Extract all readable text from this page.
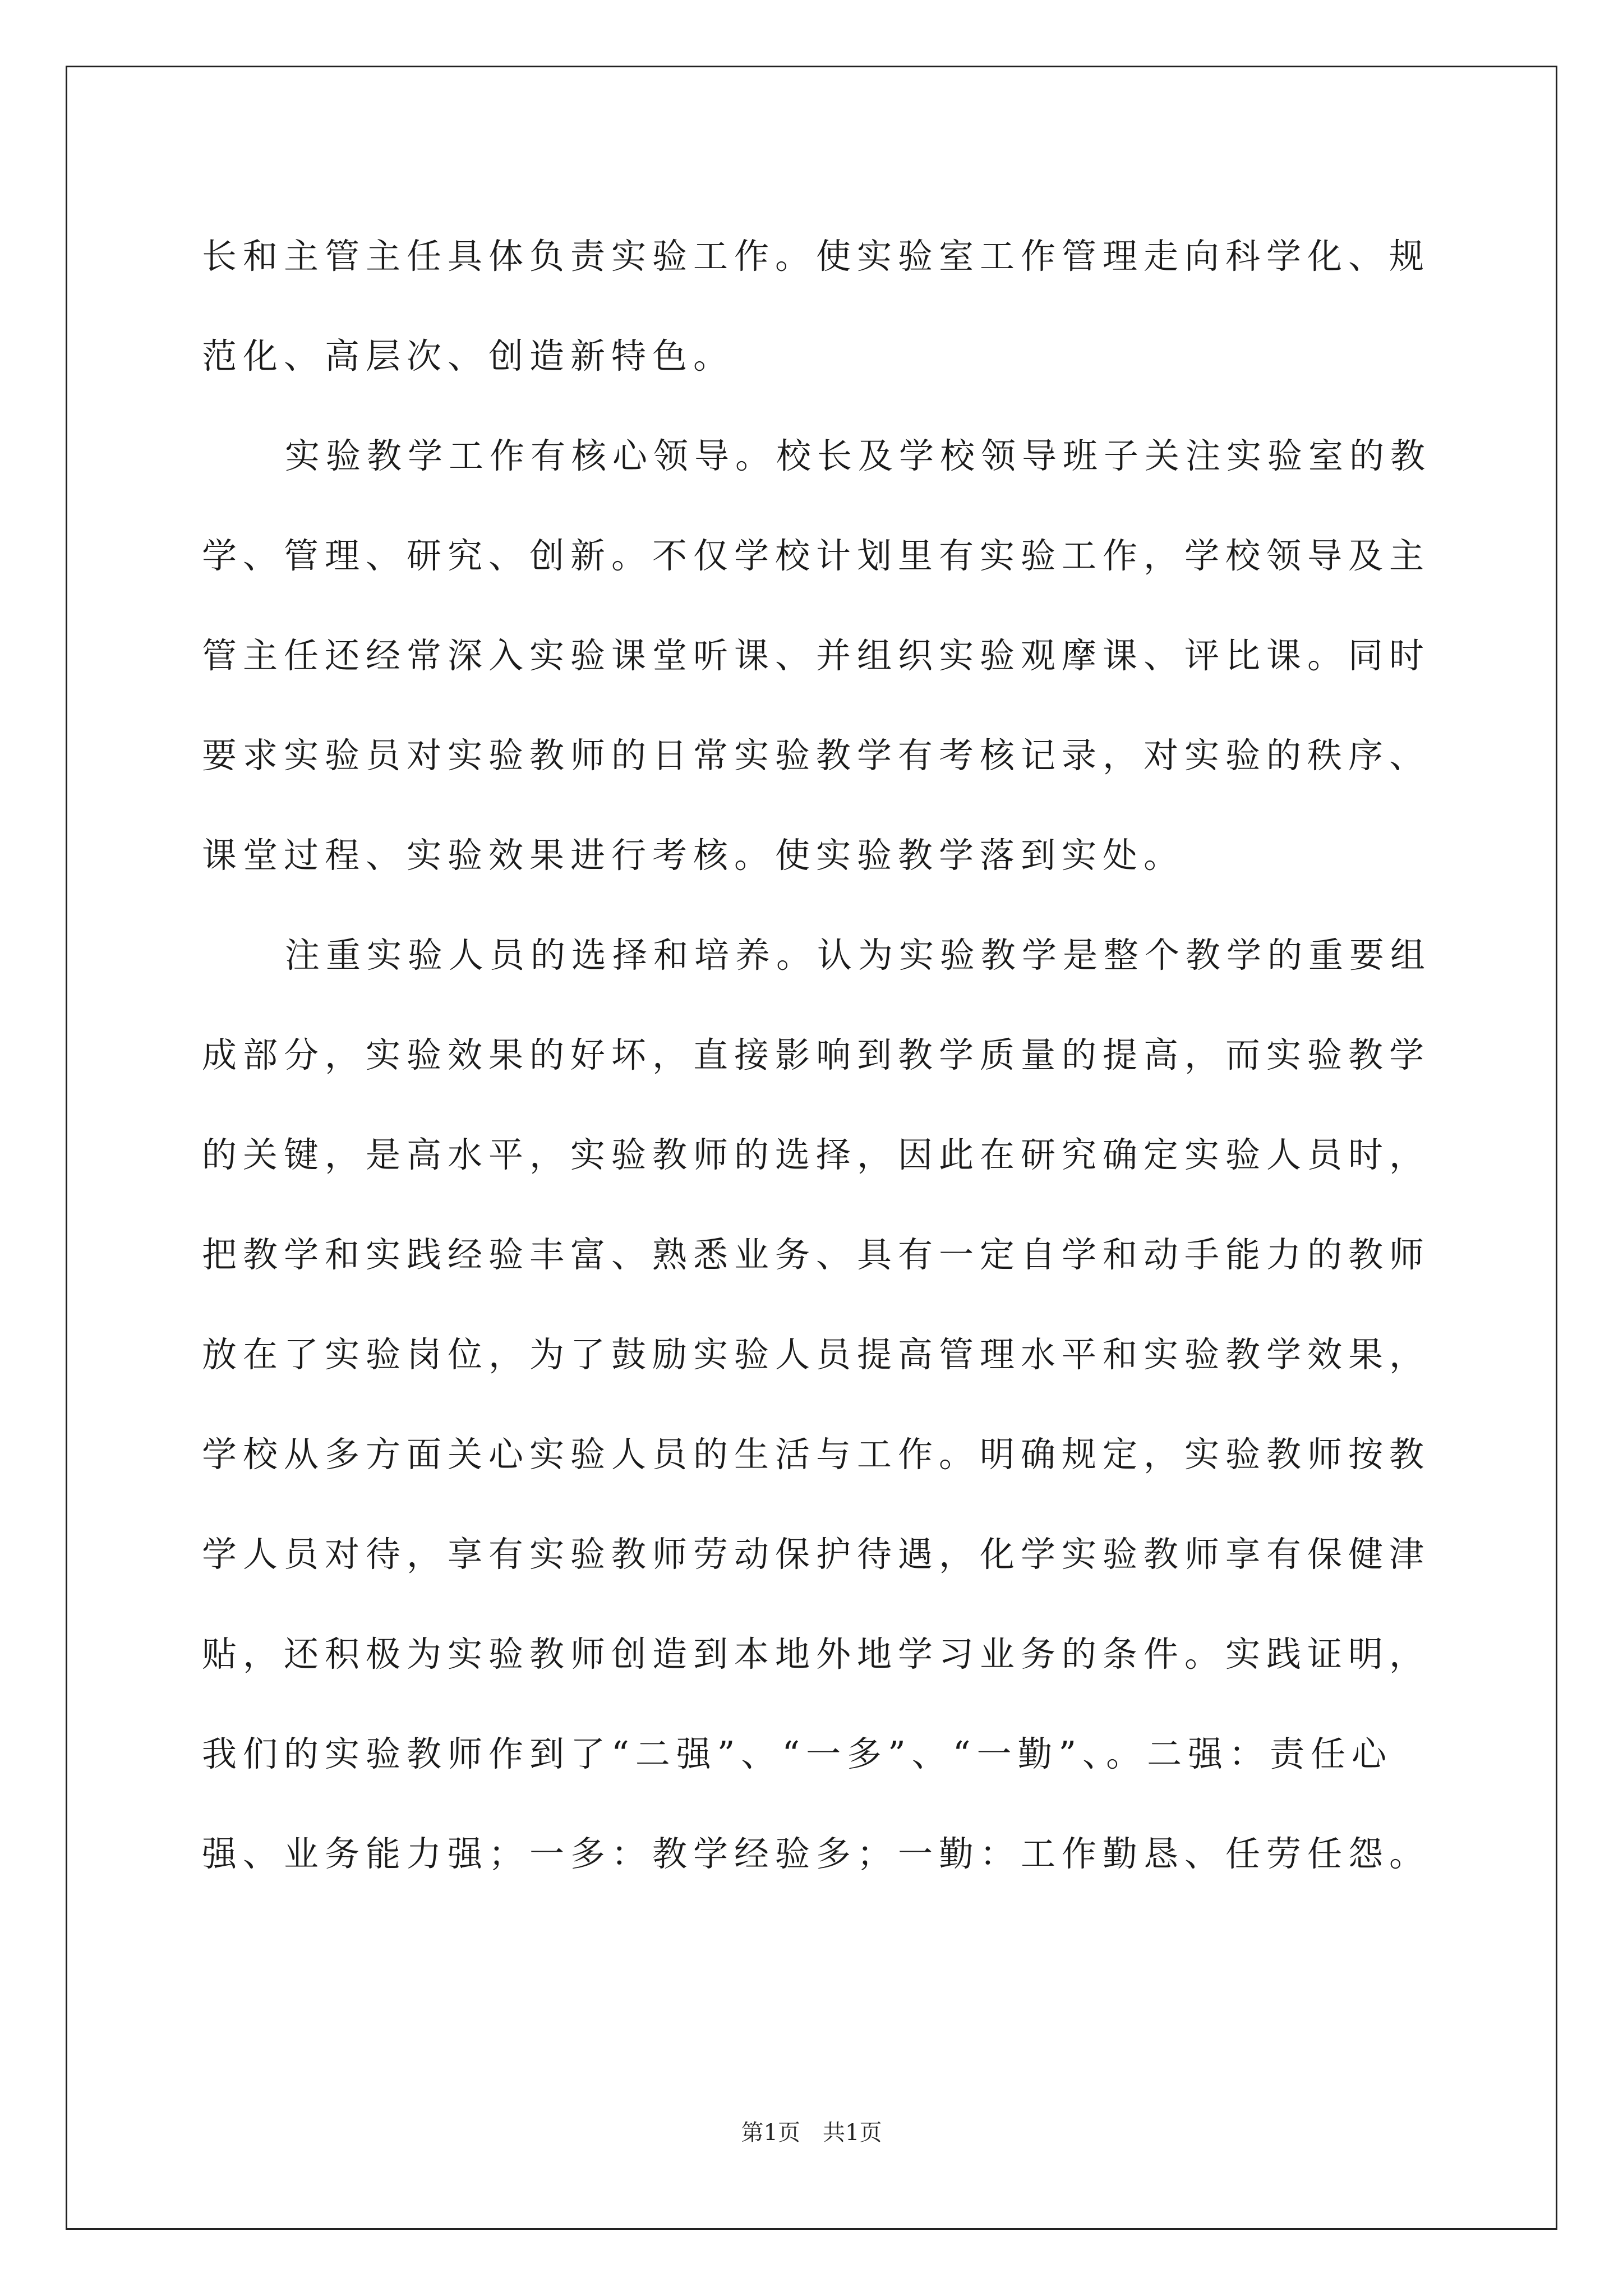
长和主管主任具体负责实验工作。使实验室工作管理走向科学化、规
范化、高层次、创造新特色。
实验教学工作有核心领导。校长及学校领导班子关注实验室的教
学、管理、研究、创新。不仅学校计划里有实验工作，学校领导及主
管主任还经常深入实验课堂听课、并组织实验观摩课、评比课。同时
要求实验员对实验教师的日常实验教学有考核记录，对实验的秩序、
课堂过程、实验效果进行考核。使实验教学落到实处。
注重实验人员的选择和培养。认为实验教学是整个教学的重要组
成部分，实验效果的好坏，直接影响到教学质量的提高，而实验教学
的关键，是高水平，实验教师的选择，因此在研究确定实验人员时，
把教学和实践经验丰富、熟悉业务、具有一定自学和动手能力的教师
放在了实验岗位，为了鼓励实验人员提高管理水平和实验教学效果，
学校从多方面关心实验人员的生活与工作。明确规定，实验教师按教
学人员对待，享有实验教师劳动保护待遇，化学实验教师享有保健津
贴，还积极为实验教师创造到本地外地学习业务的条件。实践证明，
我们的实验教师作到了“二强”、“一多”、“一勤”、。二强：责任心
强、业务能力强；一多：教学经验多；一勤：工作勤恳、任劳任怨。
第1页 共1页
